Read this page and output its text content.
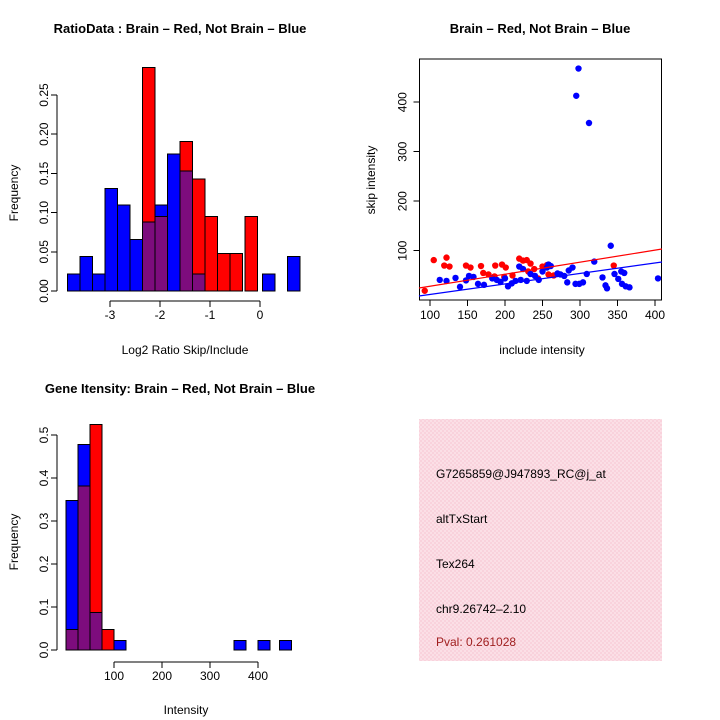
RatioData : Brain – Red, Not Brain – Blue
0.00
0.05
0.10
0.15
0.20
0.25
-3	-2	-1	0
Log2 Ratio Skip/Include
Frequency
Brain – Red, Not Brain – Blue
100
200
300
400
100 150 200 250 300 350 400
include intensity
skip intensity
Gene Itensity: Brain – Red, Not Brain – Blue
0.0
0.1
0.2
0.3
0.4
0.5
100 200 300 400
Intensity
Frequency
G7265859@J947893_RC@j_at
altTxStart
Tex264
chr9.26742–2.10
Pval: 0.261028
